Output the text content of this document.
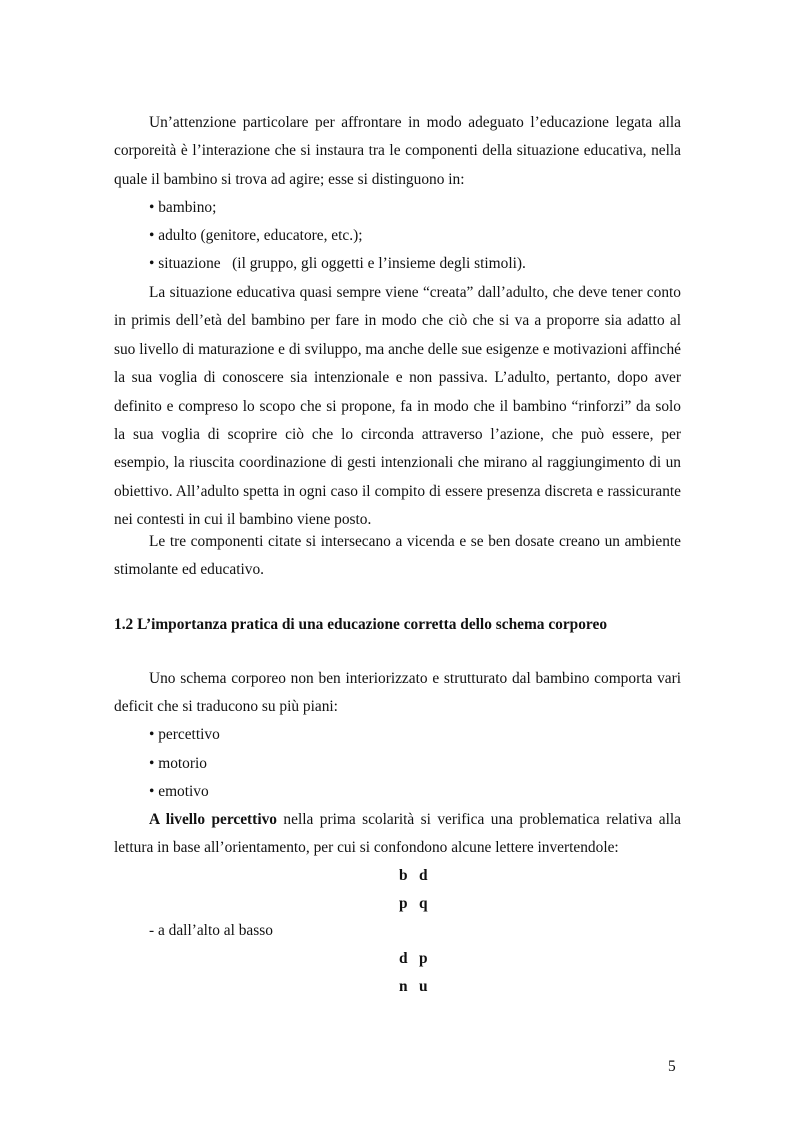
Un’attenzione particolare per affrontare in modo adeguato l’educazione legata alla corporeità è l’interazione che si instaura tra le componenti della situazione educativa, nella quale il bambino si trova ad agire; esse si distinguono in:

• bambino;

• adulto (genitore, educatore, etc.);

• situazione   (il gruppo, gli oggetti e l’insieme degli stimoli).

La situazione educativa quasi sempre viene “creata” dall’adulto, che deve tener conto in primis dell’età del bambino per fare in modo che ciò che si va a proporre sia adatto al suo livello di maturazione e di sviluppo, ma anche delle sue esigenze e motivazioni affinché la sua voglia di conoscere sia intenzionale e non passiva. L’adulto, pertanto, dopo aver definito e compreso lo scopo che si propone, fa in modo che il bambino “rinforzi” da solo la sua voglia di scoprire ciò che lo circonda attraverso l’azione, che può essere, per esempio, la riuscita coordinazione di gesti intenzionali che mirano al raggiungimento di un obiettivo. All’adulto spetta in ogni caso il compito di essere presenza discreta e rassicurante nei contesti in cui il bambino viene posto.

Le tre componenti citate si intersecano a vicenda e se ben dosate creano un ambiente stimolante ed educativo.

1.2 L’importanza pratica di una educazione corretta dello schema corporeo

Uno schema corporeo non ben interiorizzato e strutturato dal bambino comporta vari deficit che si traducono su più piani:

• percettivo

• motorio

• emotivo

A livello percettivo nella prima scolarità si verifica una problematica relativa alla lettura in base all’orientamento, per cui si confondono alcune lettere invertendole:

b d

p q

- a dall’alto al basso

d p

n u

5
